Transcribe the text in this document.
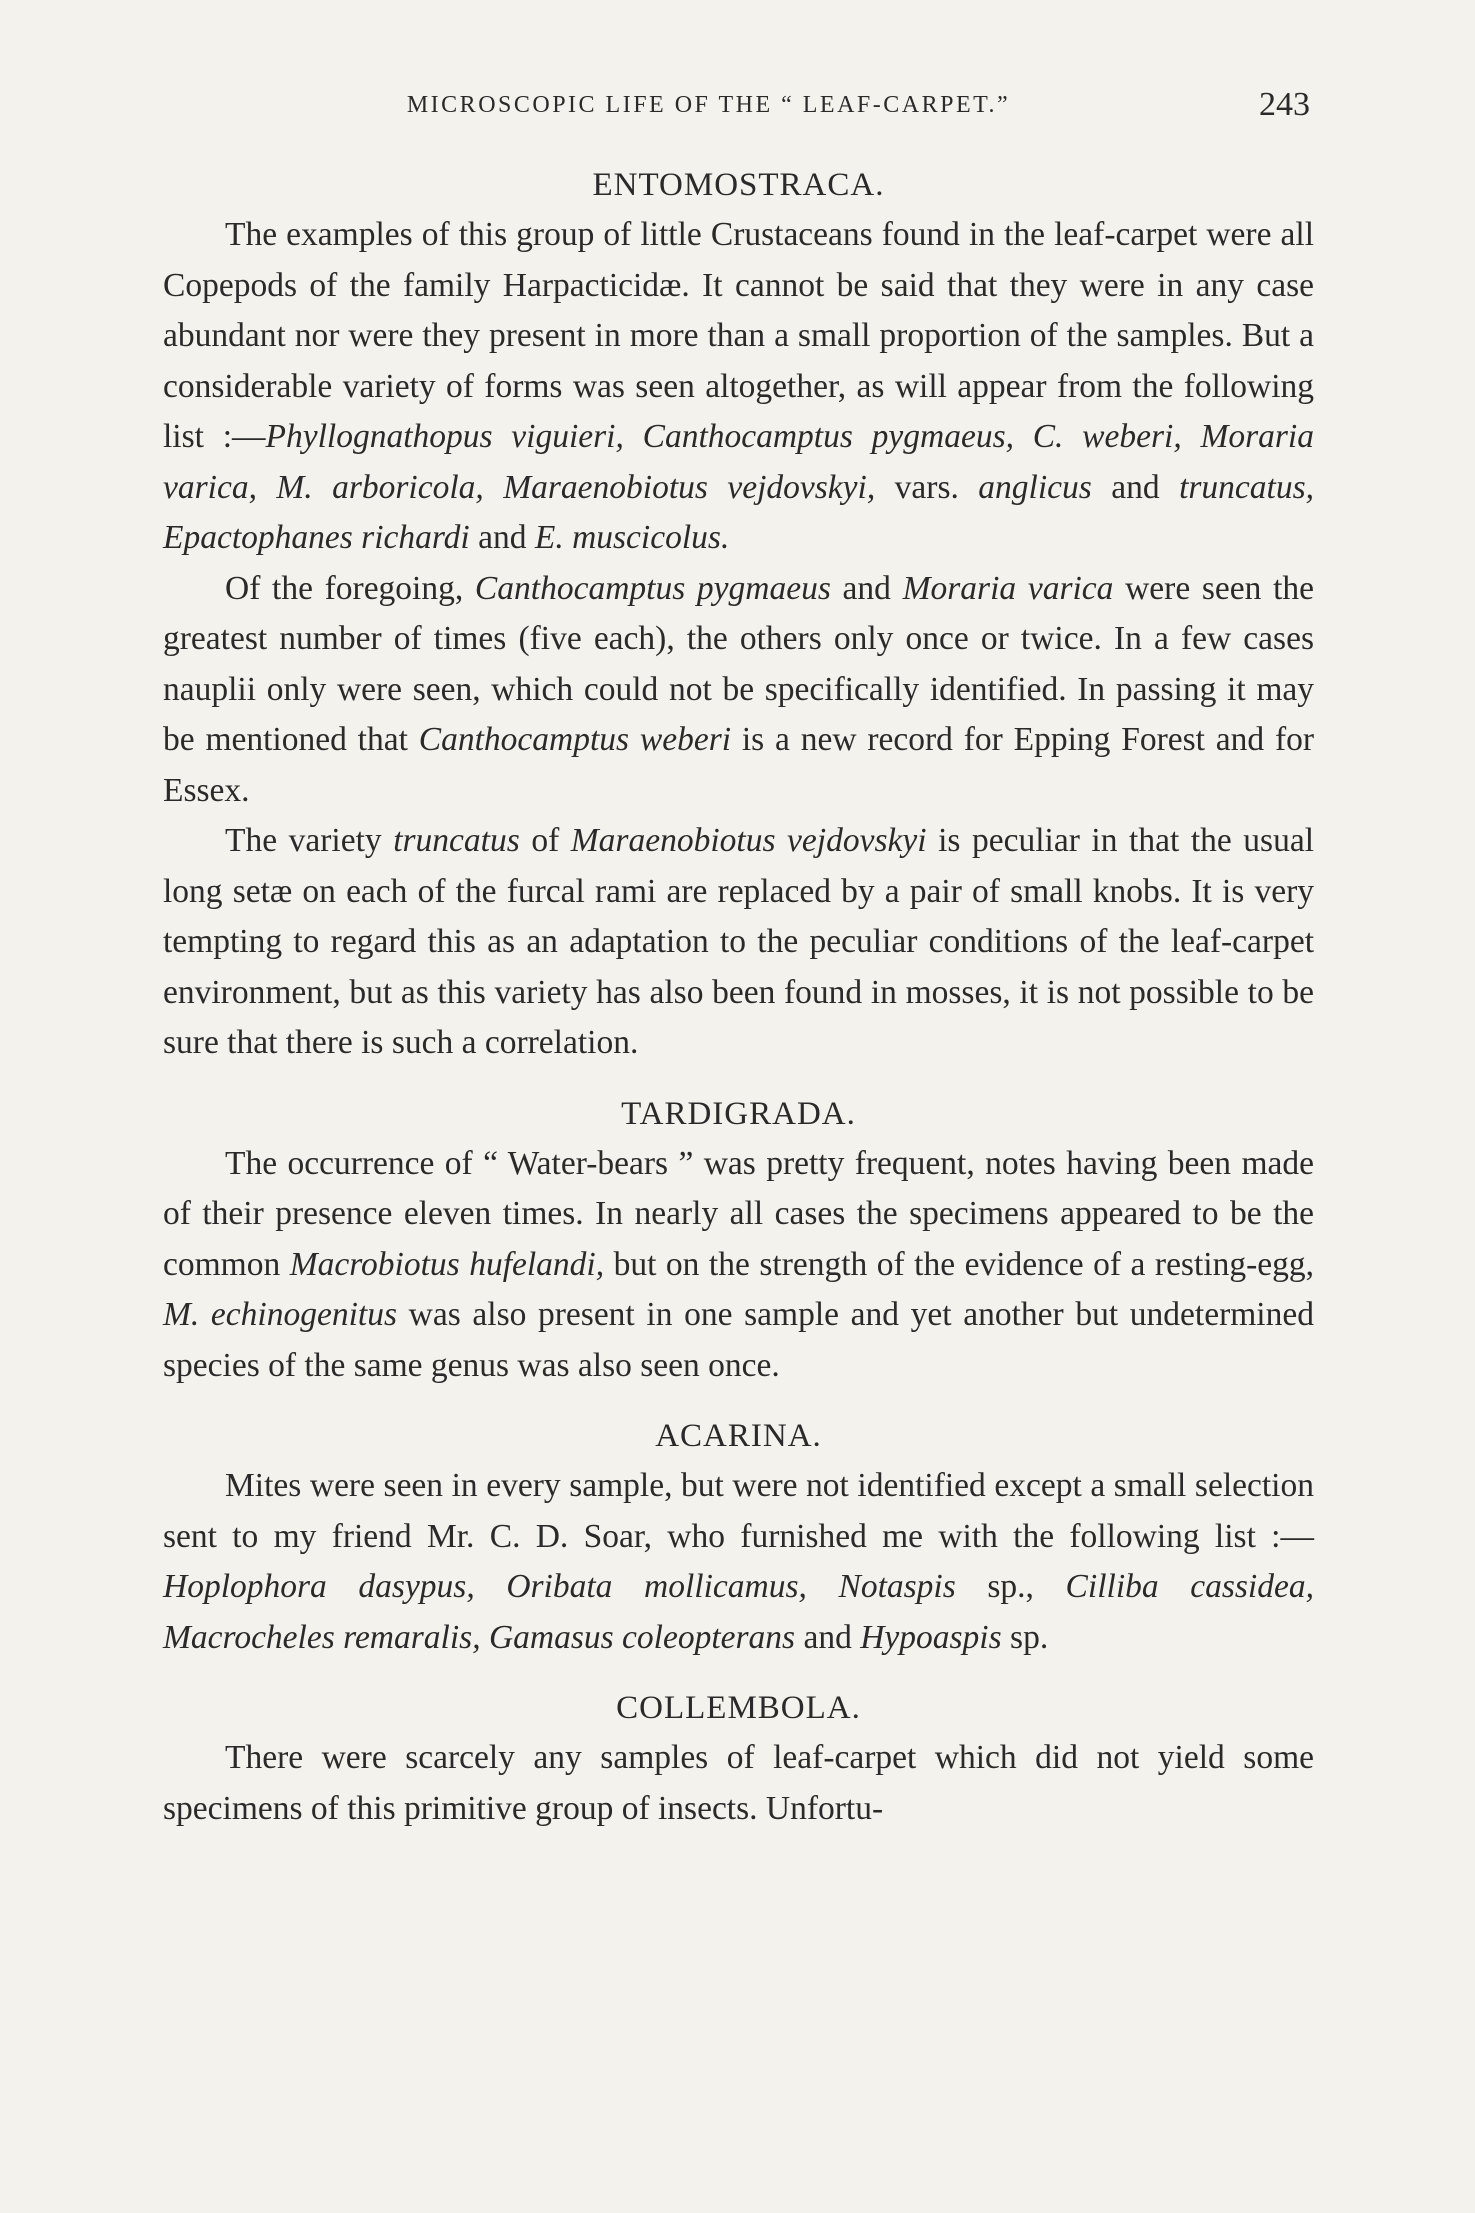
MICROSCOPIC LIFE OF THE “ LEAF-CARPET.”	243
ENTOMOSTRACA.

The examples of this group of little Crustaceans found in the leaf-carpet were all Copepods of the family Harpacticidæ. It cannot be said that they were in any case abundant nor were they present in more than a small proportion of the samples. But a considerable variety of forms was seen altogether, as will appear from the following list :—Phyllognathopus viguieri, Canthocamptus pygmaeus, C. weberi, Moraria varica, M. arboricola, Maraenobiotus vejdovskyi, vars. anglicus and truncatus, Epactophanes richardi and E. muscicolus.

Of the foregoing, Canthocamptus pygmaeus and Moraria varica were seen the greatest number of times (five each), the others only once or twice. In a few cases nauplii only were seen, which could not be specifically identified. In passing it may be mentioned that Canthocamptus weberi is a new record for Epping Forest and for Essex.

The variety truncatus of Maraenobiotus vejdovskyi is peculiar in that the usual long setæ on each of the furcal rami are replaced by a pair of small knobs. It is very tempting to regard this as an adaptation to the peculiar conditions of the leaf-carpet environment, but as this variety has also been found in mosses, it is not possible to be sure that there is such a correlation.

TARDIGRADA.

The occurrence of “ Water-bears ” was pretty frequent, notes having been made of their presence eleven times. In nearly all cases the specimens appeared to be the common Macrobiotus hufelandi, but on the strength of the evidence of a resting-egg, M. echinogenitus was also present in one sample and yet another but undetermined species of the same genus was also seen once.

ACARINA.

Mites were seen in every sample, but were not identified except a small selection sent to my friend Mr. C. D. Soar, who furnished me with the following list :—Hoplophora dasypus, Oribata mollicamus, Notaspis sp., Cilliba cassidea, Macrocheles remaralis, Gamasus coleopterans and Hypoaspis sp.

COLLEMBOLA.

There were scarcely any samples of leaf-carpet which did not yield some specimens of this primitive group of insects. Unfortu-
